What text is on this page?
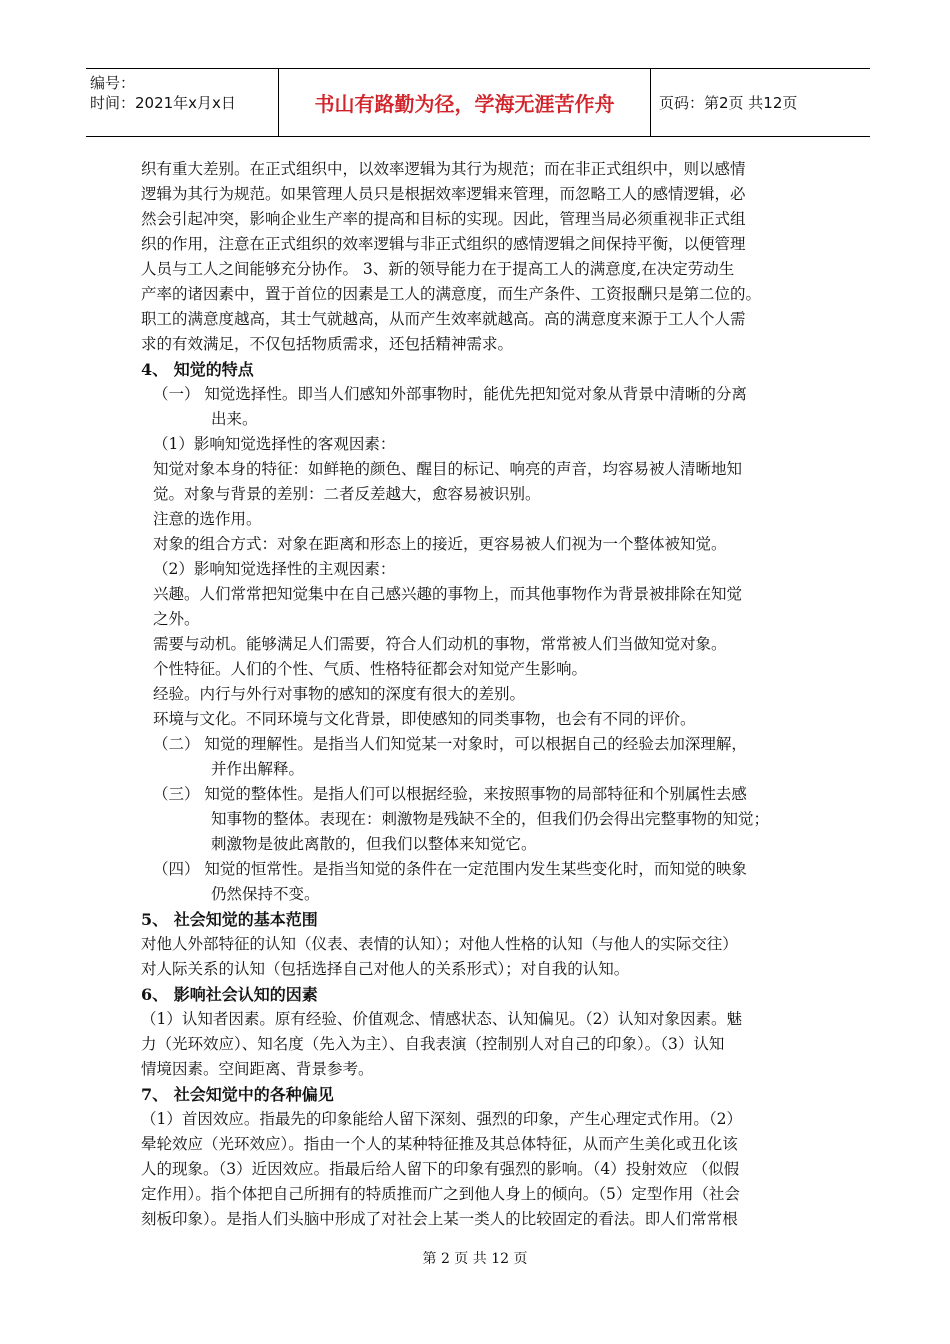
编号：
时间：2021年x月x日	书山有路勤为径，学海无涯苦作舟	页码：第2页 共12页
织有重大差别。在正式组织中，以效率逻辑为其行为规范；而在非正式组织中，则以感情
逻辑为其行为规范。如果管理人员只是根据效率逻辑来管理，而忽略工人的感情逻辑，必
然会引起冲突，影响企业生产率的提高和目标的实现。因此，管理当局必须重视非正式组
织的作用，注意在正式组织的效率逻辑与非正式组织的感情逻辑之间保持平衡，以便管理
人员与工人之间能够充分协作。 3、新的领导能力在于提高工人的满意度,在决定劳动生
产率的诸因素中，置于首位的因素是工人的满意度，而生产条件、工资报酬只是第二位的。
职工的满意度越高，其士气就越高，从而产生效率就越高。高的满意度来源于工人个人需
求的有效满足，不仅包括物质需求，还包括精神需求。
4、 知觉的特点
（一） 知觉选择性。即当人们感知外部事物时，能优先把知觉对象从背景中清晰的分离
出来。
（1）影响知觉选择性的客观因素：
知觉对象本身的特征：如鲜艳的颜色、醒目的标记、响亮的声音，均容易被人清晰地知
觉。对象与背景的差别：二者反差越大，愈容易被识别。
注意的选作用。
对象的组合方式：对象在距离和形态上的接近，更容易被人们视为一个整体被知觉。
（2）影响知觉选择性的主观因素：
兴趣。人们常常把知觉集中在自己感兴趣的事物上，而其他事物作为背景被排除在知觉
之外。
需要与动机。能够满足人们需要，符合人们动机的事物，常常被人们当做知觉对象。
个性特征。人们的个性、气质、性格特征都会对知觉产生影响。
经验。内行与外行对事物的感知的深度有很大的差别。
环境与文化。不同环境与文化背景，即使感知的同类事物，也会有不同的评价。
（二） 知觉的理解性。是指当人们知觉某一对象时，可以根据自己的经验去加深理解，
并作出解释。
（三） 知觉的整体性。是指人们可以根据经验，来按照事物的局部特征和个别属性去感
知事物的整体。表现在：刺激物是残缺不全的，但我们仍会得出完整事物的知觉；
刺激物是彼此离散的，但我们以整体来知觉它。
（四） 知觉的恒常性。是指当知觉的条件在一定范围内发生某些变化时，而知觉的映象
仍然保持不变。
5、 社会知觉的基本范围
对他人外部特征的认知（仪表、表情的认知）；对他人性格的认知（与他人的实际交往）
对人际关系的认知（包括选择自己对他人的关系形式）；对自我的认知。
6、 影响社会认知的因素
（1）认知者因素。原有经验、价值观念、情感状态、认知偏见。（2）认知对象因素。魅
力（光环效应）、知名度（先入为主）、自我表演（控制别人对自己的印象）。（3）认知
情境因素。空间距离、背景参考。
7、 社会知觉中的各种偏见
（1）首因效应。指最先的印象能给人留下深刻、强烈的印象，产生心理定式作用。（2）
晕轮效应（光环效应）。指由一个人的某种特征推及其总体特征，从而产生美化或丑化该
人的现象。（3）近因效应。指最后给人留下的印象有强烈的影响。（4）投射效应 （似假
定作用）。指个体把自己所拥有的特质推而广之到他人身上的倾向。（5）定型作用（社会
刻板印象）。是指人们头脑中形成了对社会上某一类人的比较固定的看法。即人们常常根
第 2 页 共 12 页
